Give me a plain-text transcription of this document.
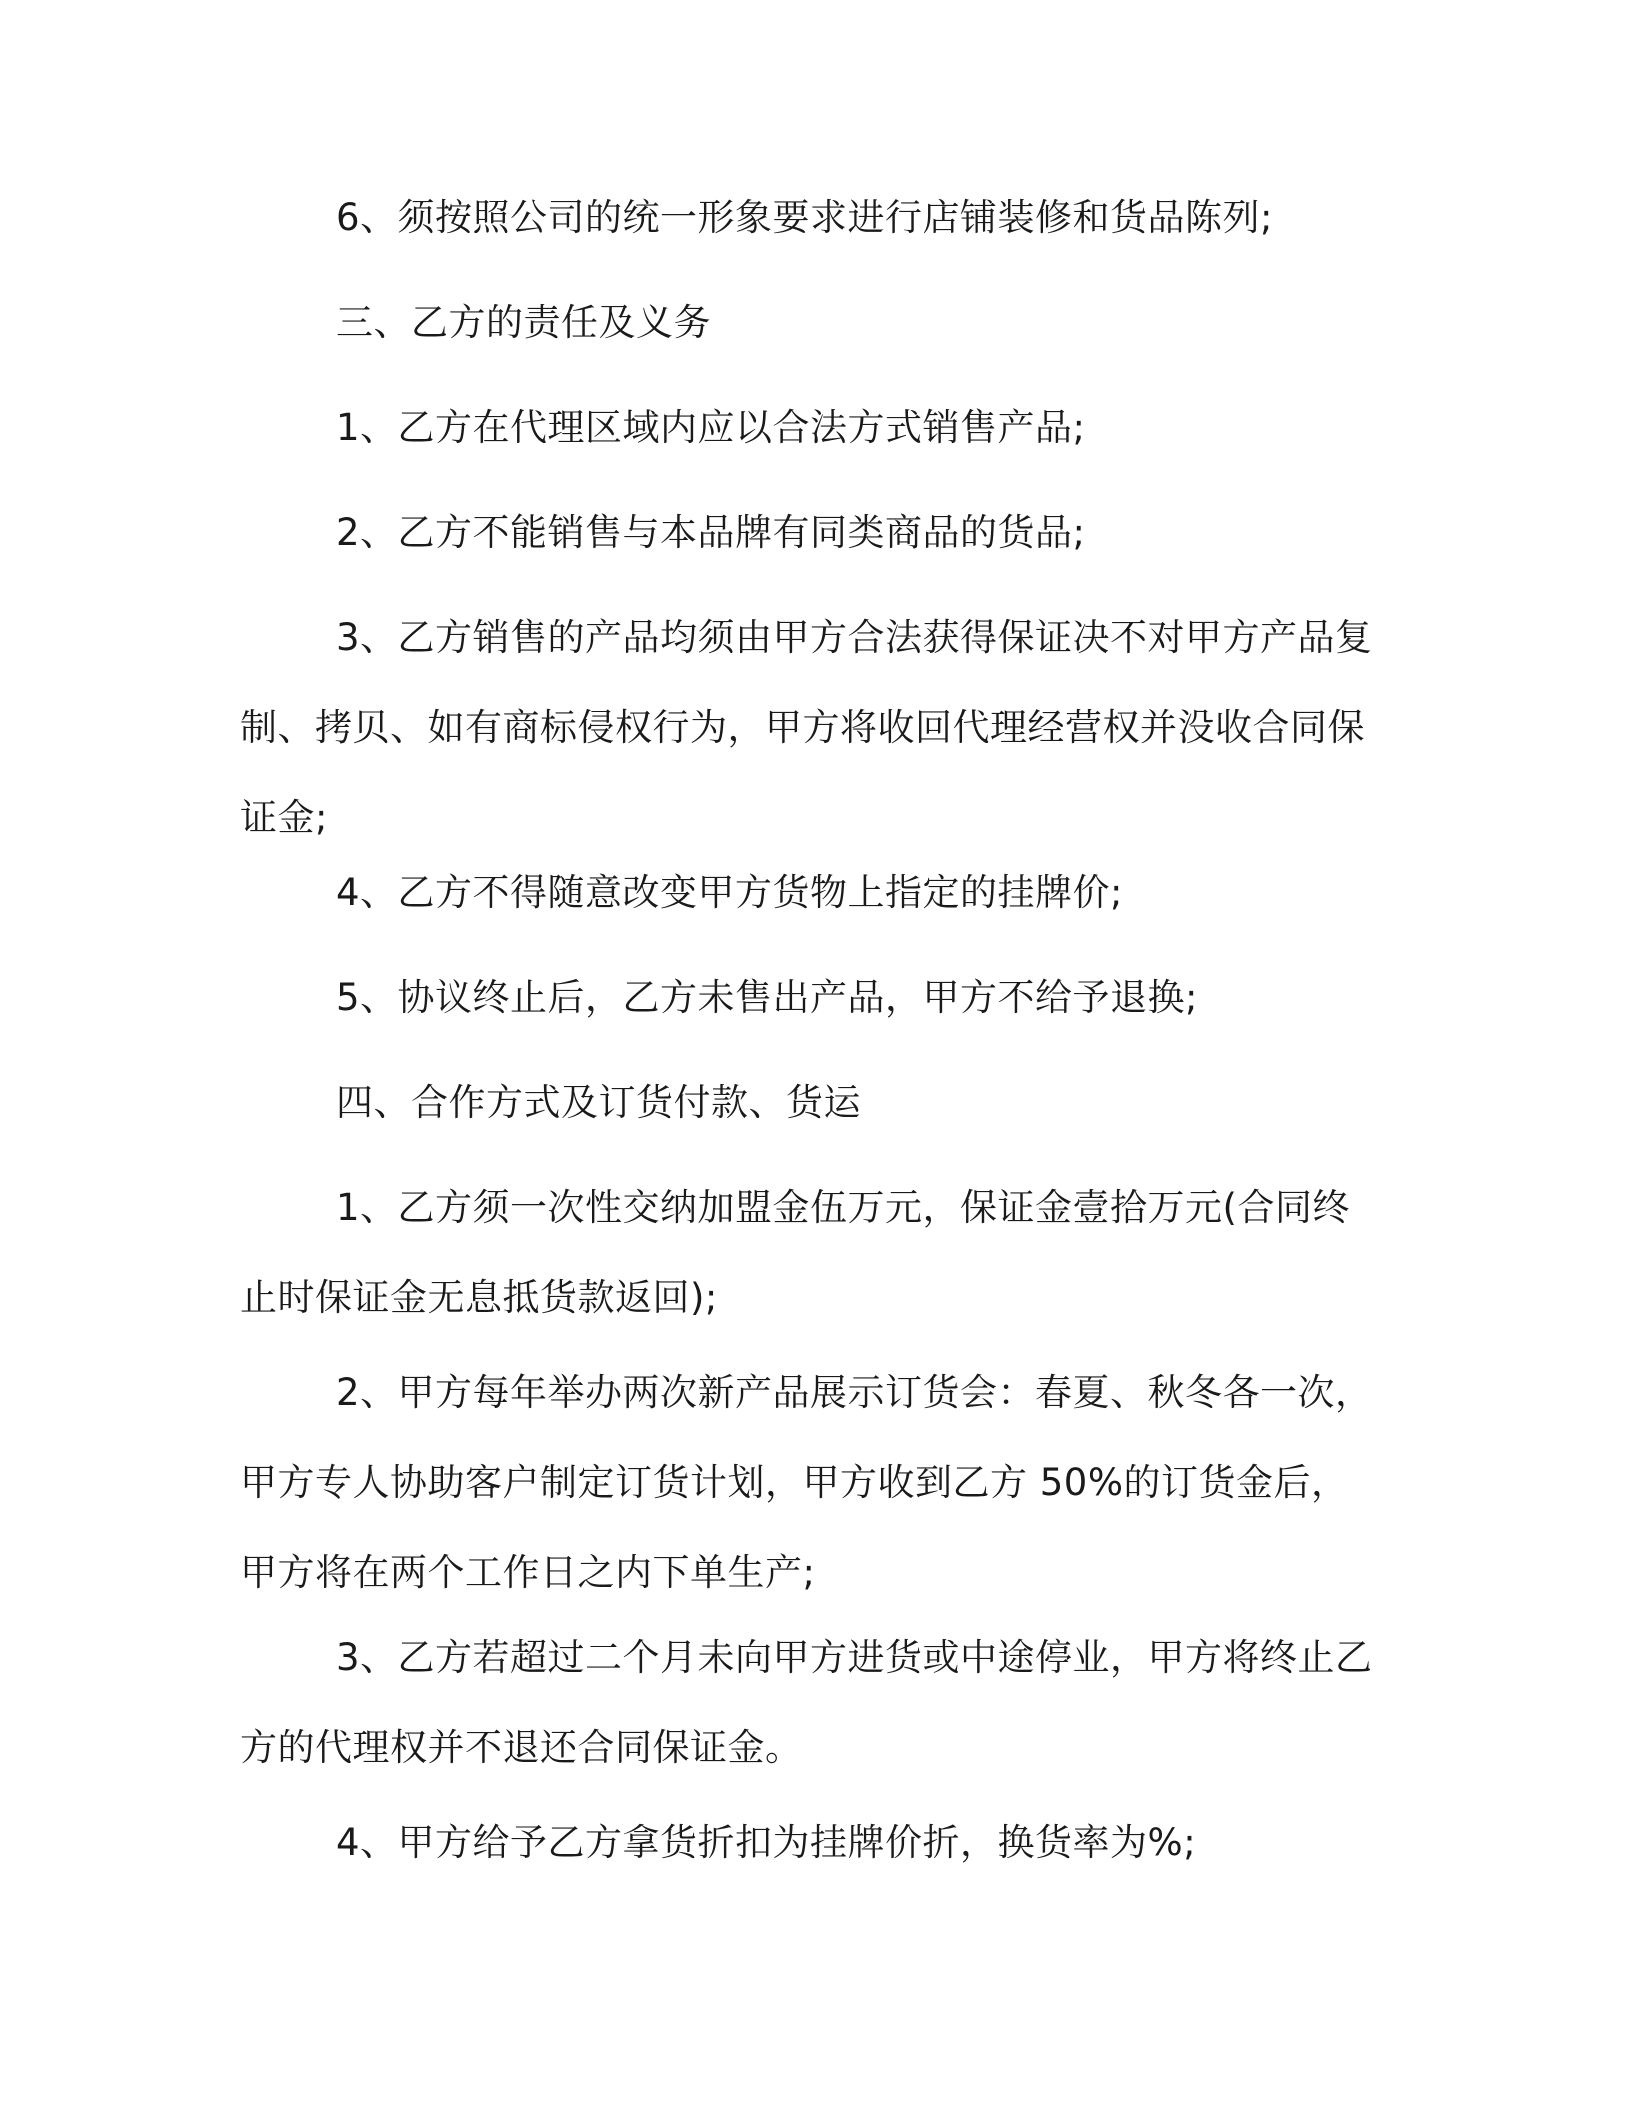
6、须按照公司的统一形象要求进行店铺装修和货品陈列;

三、乙方的责任及义务

1、乙方在代理区域内应以合法方式销售产品;

2、乙方不能销售与本品牌有同类商品的货品;

3、乙方销售的产品均须由甲方合法获得保证决不对甲方产品复制、拷贝、如有商标侵权行为，甲方将收回代理经营权并没收合同保证金;

4、乙方不得随意改变甲方货物上指定的挂牌价;

5、协议终止后，乙方未售出产品，甲方不给予退换;

四、合作方式及订货付款、货运

1、乙方须一次性交纳加盟金伍万元，保证金壹拾万元(合同终止时保证金无息抵货款返回);

2、甲方每年举办两次新产品展示订货会：春夏、秋冬各一次，甲方专人协助客户制定订货计划，甲方收到乙方 50%的订货金后，甲方将在两个工作日之内下单生产;

3、乙方若超过二个月未向甲方进货或中途停业，甲方将终止乙方的代理权并不退还合同保证金。

4、甲方给予乙方拿货折扣为挂牌价折，换货率为%;
